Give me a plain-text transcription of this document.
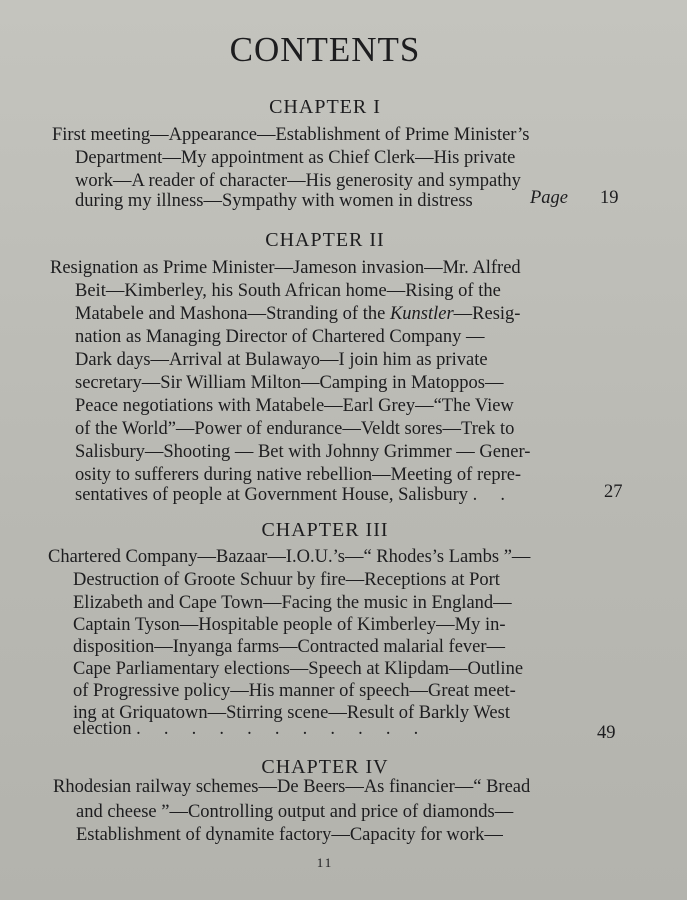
CONTENTS
CHAPTER I
First meeting—Appearance—Establishment of Prime Minister’s
Department—My appointment as Chief Clerk—His private
work—A reader of character—His generosity and sympathy
during my illness—Sympathy with women in distress	Page 19
CHAPTER II
Resignation as Prime Minister—Jameson invasion—Mr. Alfred
Beit—Kimberley, his South African home—Rising of the
Matabele and Mashona—Stranding of the Kunstler—Resig-
nation as Managing Director of Chartered Company —
Dark days—Arrival at Bulawayo—I join him as private
secretary—Sir William Milton—Camping in Matoppos—
Peace negotiations with Matabele—Earl Grey—“The View
of the World”—Power of endurance—Veldt sores—Trek to
Salisbury—Shooting — Bet with Johnny Grimmer — Gener-
osity to sufferers during native rebellion—Meeting of repre-
sentatives of people at Government House, Salisbury .     .	27
CHAPTER III
Chartered Company—Bazaar—I.O.U.’s—“ Rhodes’s Lambs ”—
Destruction of Groote Schuur by fire—Receptions at Port
Elizabeth and Cape Town—Facing the music in England—
Captain Tyson—Hospitable people of Kimberley—My in-
disposition—Inyanga farms—Contracted malarial fever—
Cape Parliamentary elections—Speech at Klipdam—Outline
of Progressive policy—His manner of speech—Great meet-
ing at Griquatown—Stirring scene—Result of Barkly West
election .     .     .     .     .     .     .     .     .     .     .	49
CHAPTER IV
Rhodesian railway schemes—De Beers—As financier—“ Bread
and cheese ”—Controlling output and price of diamonds—
Establishment of dynamite factory—Capacity for work—
11
